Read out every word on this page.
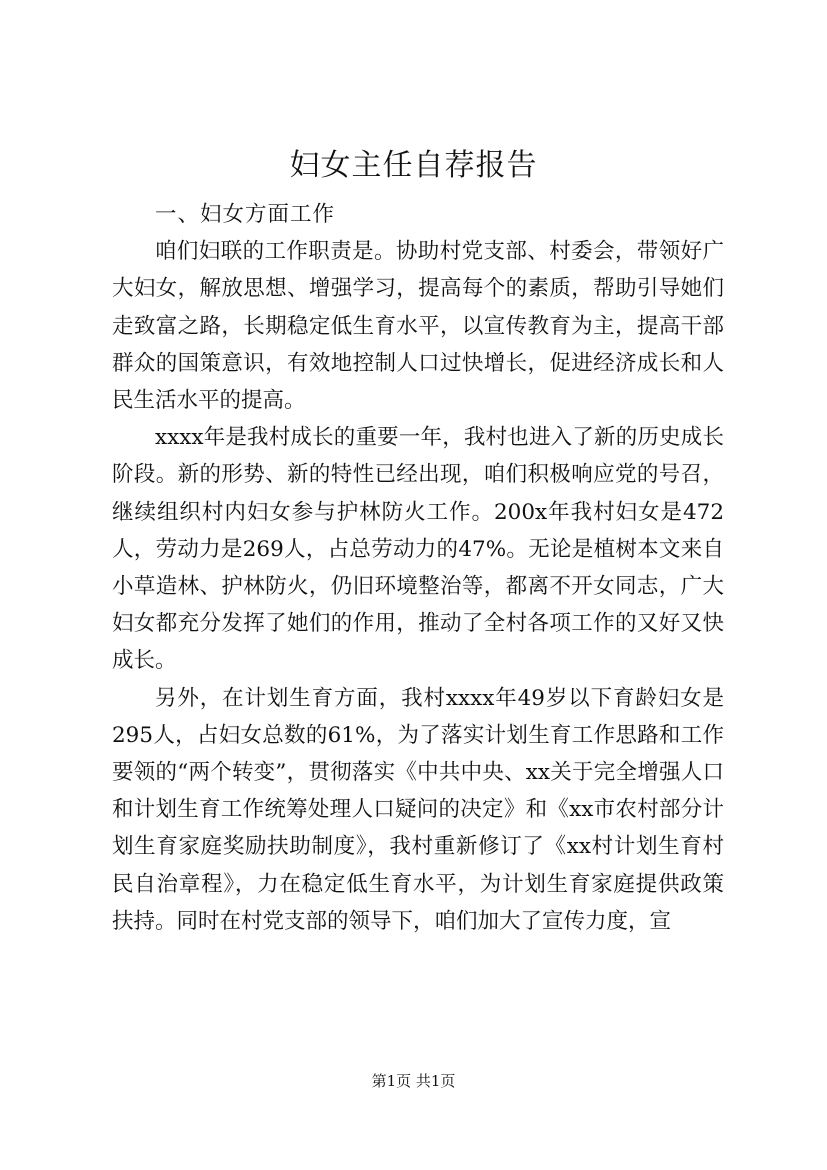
妇女主任自荐报告

一、妇女方面工作

咱们妇联的工作职责是。协助村党支部、村委会，带领好广大妇女，解放思想、增强学习，提高每个的素质，帮助引导她们走致富之路，长期稳定低生育水平，以宣传教育为主，提高干部群众的国策意识，有效地控制人口过快增长，促进经济成长和人民生活水平的提高。

xxxx年是我村成长的重要一年，我村也进入了新的历史成长阶段。新的形势、新的特性已经出现，咱们积极响应党的号召，继续组织村内妇女参与护林防火工作。200x年我村妇女是472人，劳动力是269人，占总劳动力的47%。无论是植树本文来自小草造林、护林防火，仍旧环境整治等，都离不开女同志，广大妇女都充分发挥了她们的作用，推动了全村各项工作的又好又快成长。

另外，在计划生育方面，我村xxxx年49岁以下育龄妇女是295人，占妇女总数的61%，为了落实计划生育工作思路和工作要领的“两个转变”，贯彻落实《中共中央、xx关于完全增强人口和计划生育工作统筹处理人口疑问的决定》和《xx市农村部分计划生育家庭奖励扶助制度》，我村重新修订了《xx村计划生育村民自治章程》，力在稳定低生育水平，为计划生育家庭提供政策扶持。同时在村党支部的领导下，咱们加大了宣传力度，宣

第1页 共1页
